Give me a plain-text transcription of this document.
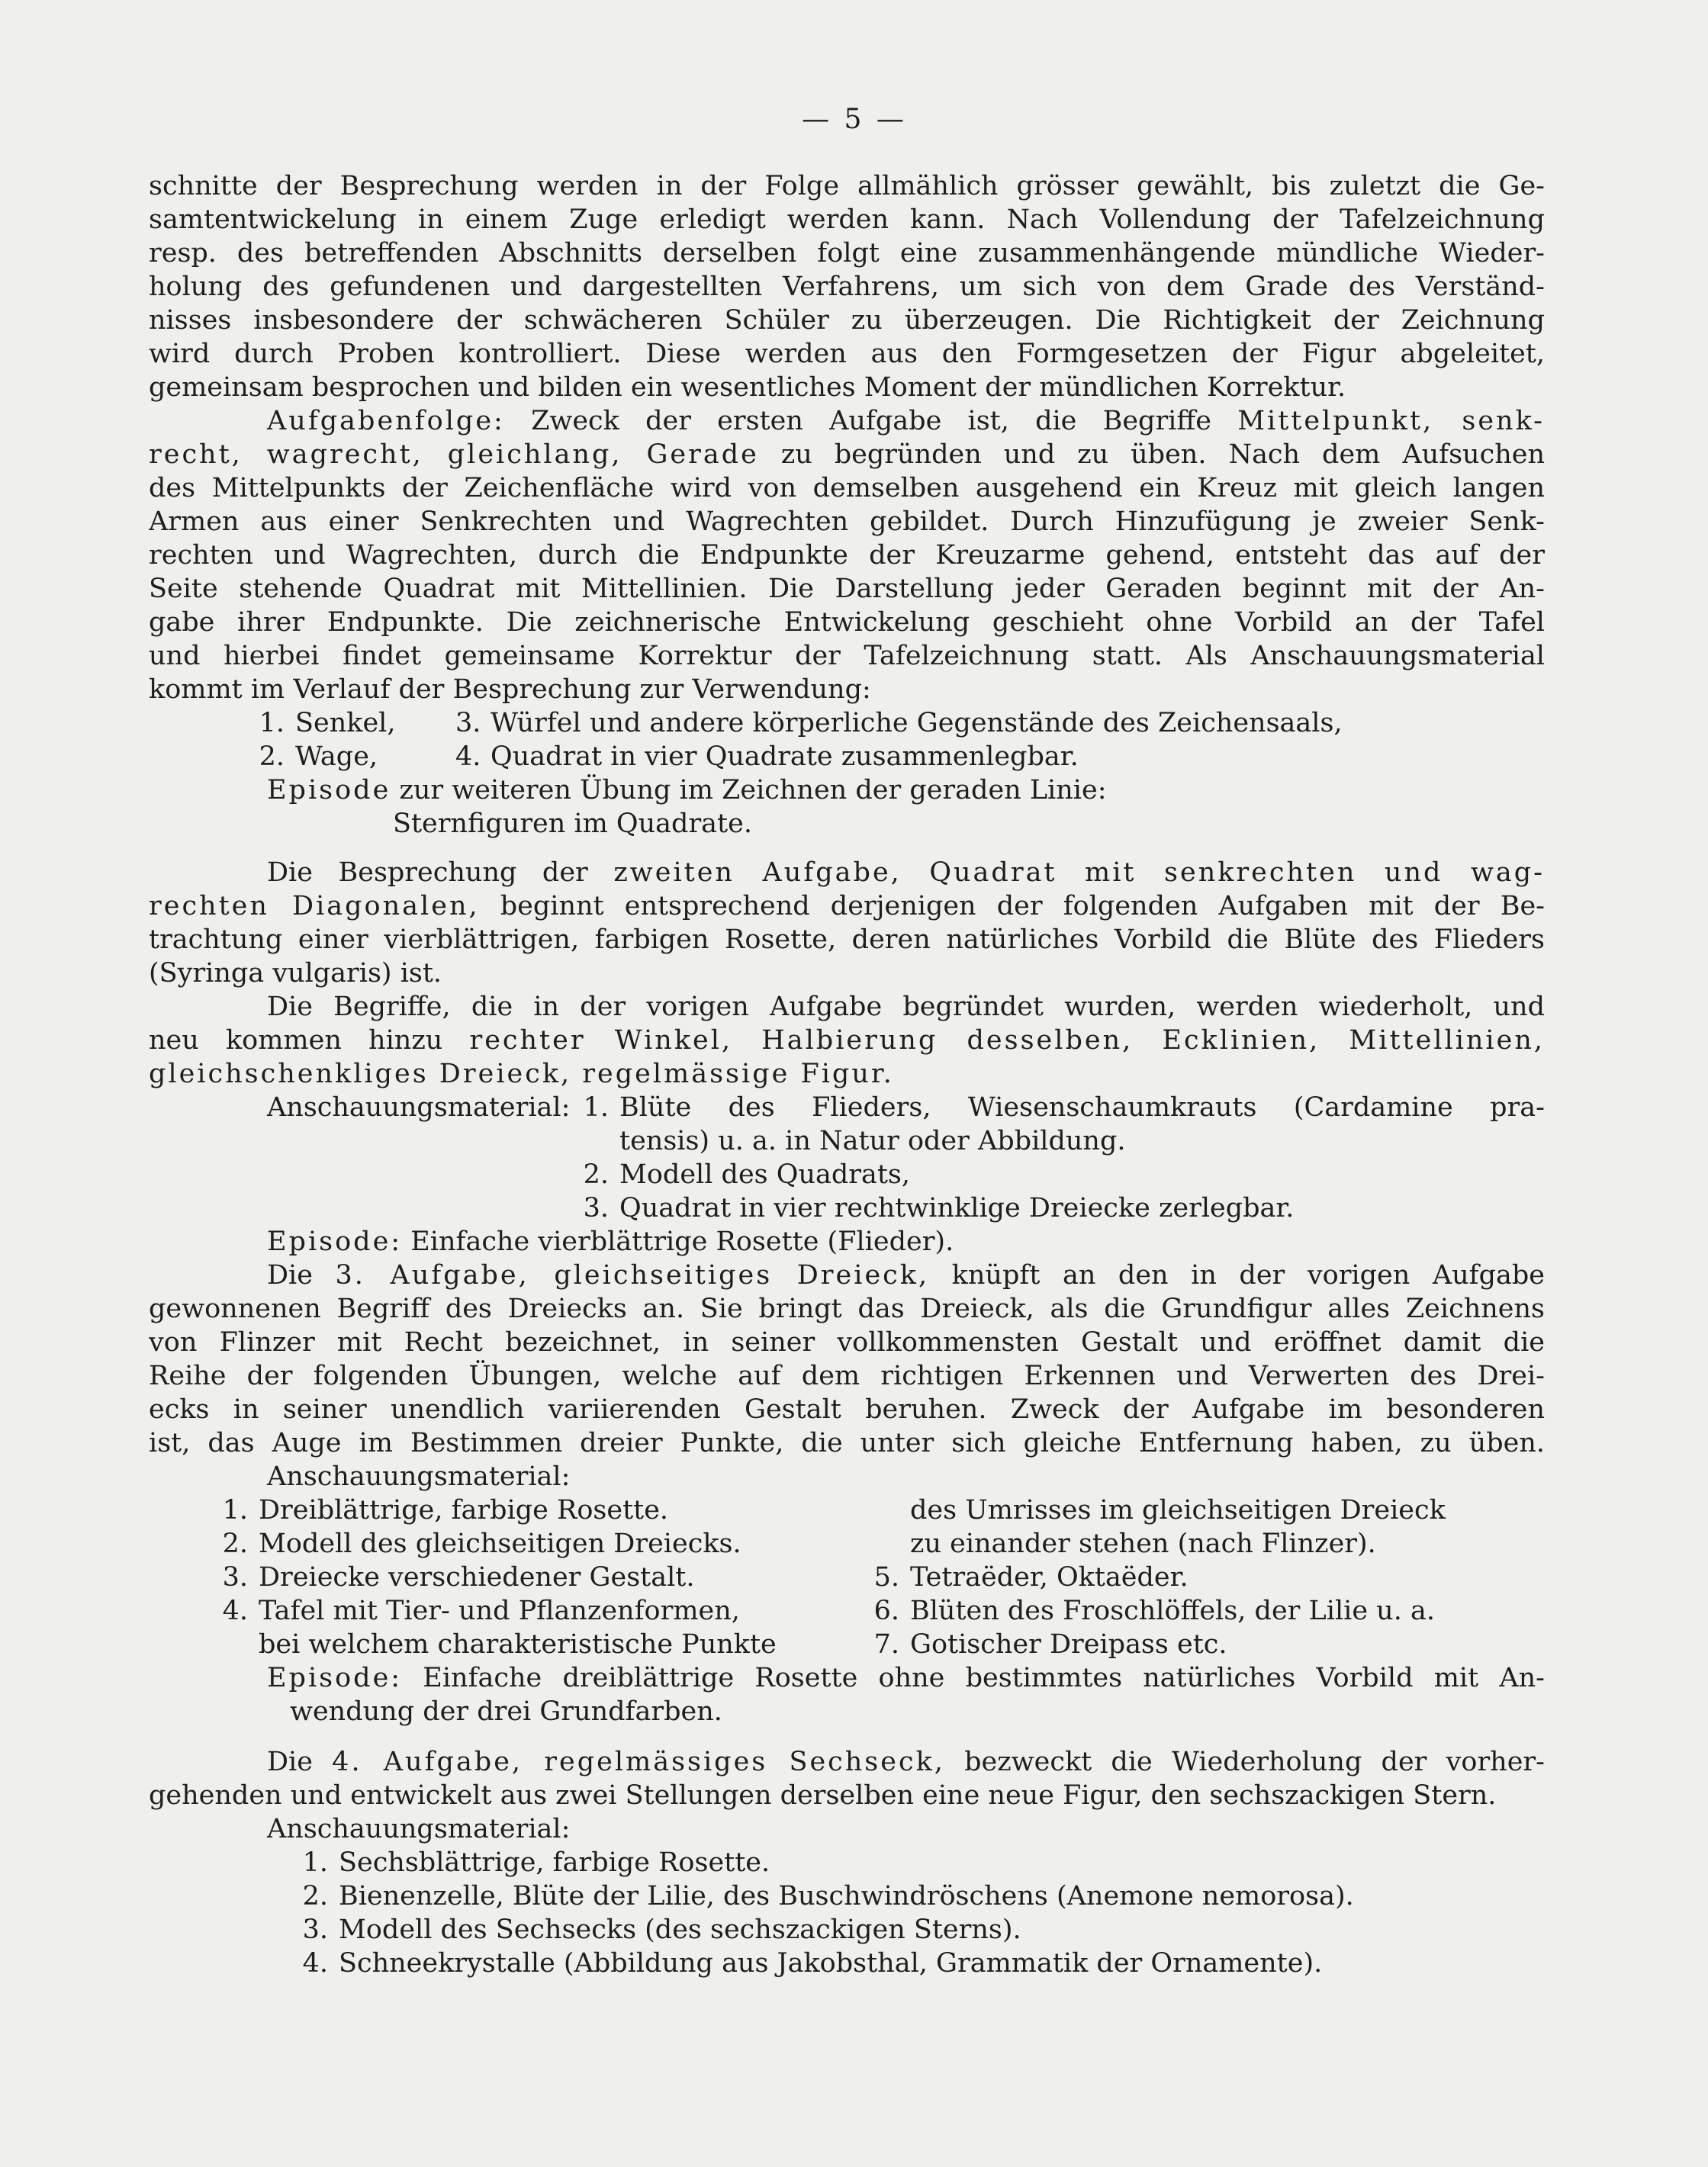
— 5 —
schnitte der Besprechung werden in der Folge allmählich grösser gewählt, bis zuletzt die Ge-
samtentwickelung in einem Zuge erledigt werden kann. Nach Vollendung der Tafelzeichnung
resp. des betreffenden Abschnitts derselben folgt eine zusammenhängende mündliche Wieder-
holung des gefundenen und dargestellten Verfahrens, um sich von dem Grade des Verständ-
nisses insbesondere der schwächeren Schüler zu überzeugen. Die Richtigkeit der Zeichnung
wird durch Proben kontrolliert. Diese werden aus den Formgesetzen der Figur abgeleitet,
gemeinsam besprochen und bilden ein wesentliches Moment der mündlichen Korrektur.
Aufgabenfolge: Zweck der ersten Aufgabe ist, die Begriffe Mittelpunkt, senk-
recht, wagrecht, gleichlang, Gerade zu begründen und zu üben. Nach dem Aufsuchen
des Mittelpunkts der Zeichenfläche wird von demselben ausgehend ein Kreuz mit gleich langen
Armen aus einer Senkrechten und Wagrechten gebildet. Durch Hinzufügung je zweier Senk-
rechten und Wagrechten, durch die Endpunkte der Kreuzarme gehend, entsteht das auf der
Seite stehende Quadrat mit Mittellinien. Die Darstellung jeder Geraden beginnt mit der An-
gabe ihrer Endpunkte. Die zeichnerische Entwickelung geschieht ohne Vorbild an der Tafel
und hierbei findet gemeinsame Korrektur der Tafelzeichnung statt. Als Anschauungsmaterial
kommt im Verlauf der Besprechung zur Verwendung:
1. Senkel,	3. Würfel und andere körperliche Gegenstände des Zeichensaals,
2. Wage,	4. Quadrat in vier Quadrate zusammenlegbar.
Episode zur weiteren Übung im Zeichnen der geraden Linie:
Sternfiguren im Quadrate.
Die Besprechung der zweiten Aufgabe, Quadrat mit senkrechten und wag-
rechten Diagonalen, beginnt entsprechend derjenigen der folgenden Aufgaben mit der Be-
trachtung einer vierblättrigen, farbigen Rosette, deren natürliches Vorbild die Blüte des Flieders
(Syringa vulgaris) ist.
Die Begriffe, die in der vorigen Aufgabe begründet wurden, werden wiederholt, und
neu kommen hinzu rechter Winkel, Halbierung desselben, Ecklinien, Mittellinien,
gleichschenkliges Dreieck, regelmässige Figur.
Anschauungsmaterial: 1. Blüte des Flieders, Wiesenschaumkrauts (Cardamine pra-
tensis) u. a. in Natur oder Abbildung.
2. Modell des Quadrats,
3. Quadrat in vier rechtwinklige Dreiecke zerlegbar.
Episode: Einfache vierblättrige Rosette (Flieder).
Die 3. Aufgabe, gleichseitiges Dreieck, knüpft an den in der vorigen Aufgabe
gewonnenen Begriff des Dreiecks an. Sie bringt das Dreieck, als die Grundfigur alles Zeichnens
von Flinzer mit Recht bezeichnet, in seiner vollkommensten Gestalt und eröffnet damit die
Reihe der folgenden Übungen, welche auf dem richtigen Erkennen und Verwerten des Drei-
ecks in seiner unendlich variierenden Gestalt beruhen. Zweck der Aufgabe im besonderen
ist, das Auge im Bestimmen dreier Punkte, die unter sich gleiche Entfernung haben, zu üben.
Anschauungsmaterial:
1. Dreiblättrige, farbige Rosette.	des Umrisses im gleichseitigen Dreieck
2. Modell des gleichseitigen Dreiecks.	zu einander stehen (nach Flinzer).
3. Dreiecke verschiedener Gestalt.	5. Tetraëder, Oktaëder.
4. Tafel mit Tier- und Pflanzenformen,	6. Blüten des Froschlöffels, der Lilie u. a.
bei welchem charakteristische Punkte	7. Gotischer Dreipass etc.
Episode: Einfache dreiblättrige Rosette ohne bestimmtes natürliches Vorbild mit An-
wendung der drei Grundfarben.
Die 4. Aufgabe, regelmässiges Sechseck, bezweckt die Wiederholung der vorher-
gehenden und entwickelt aus zwei Stellungen derselben eine neue Figur, den sechszackigen Stern.
Anschauungsmaterial:
1. Sechsblättrige, farbige Rosette.
2. Bienenzelle, Blüte der Lilie, des Buschwindröschens (Anemone nemorosa).
3. Modell des Sechsecks (des sechszackigen Sterns).
4. Schneekrystalle (Abbildung aus Jakobsthal, Grammatik der Ornamente).
